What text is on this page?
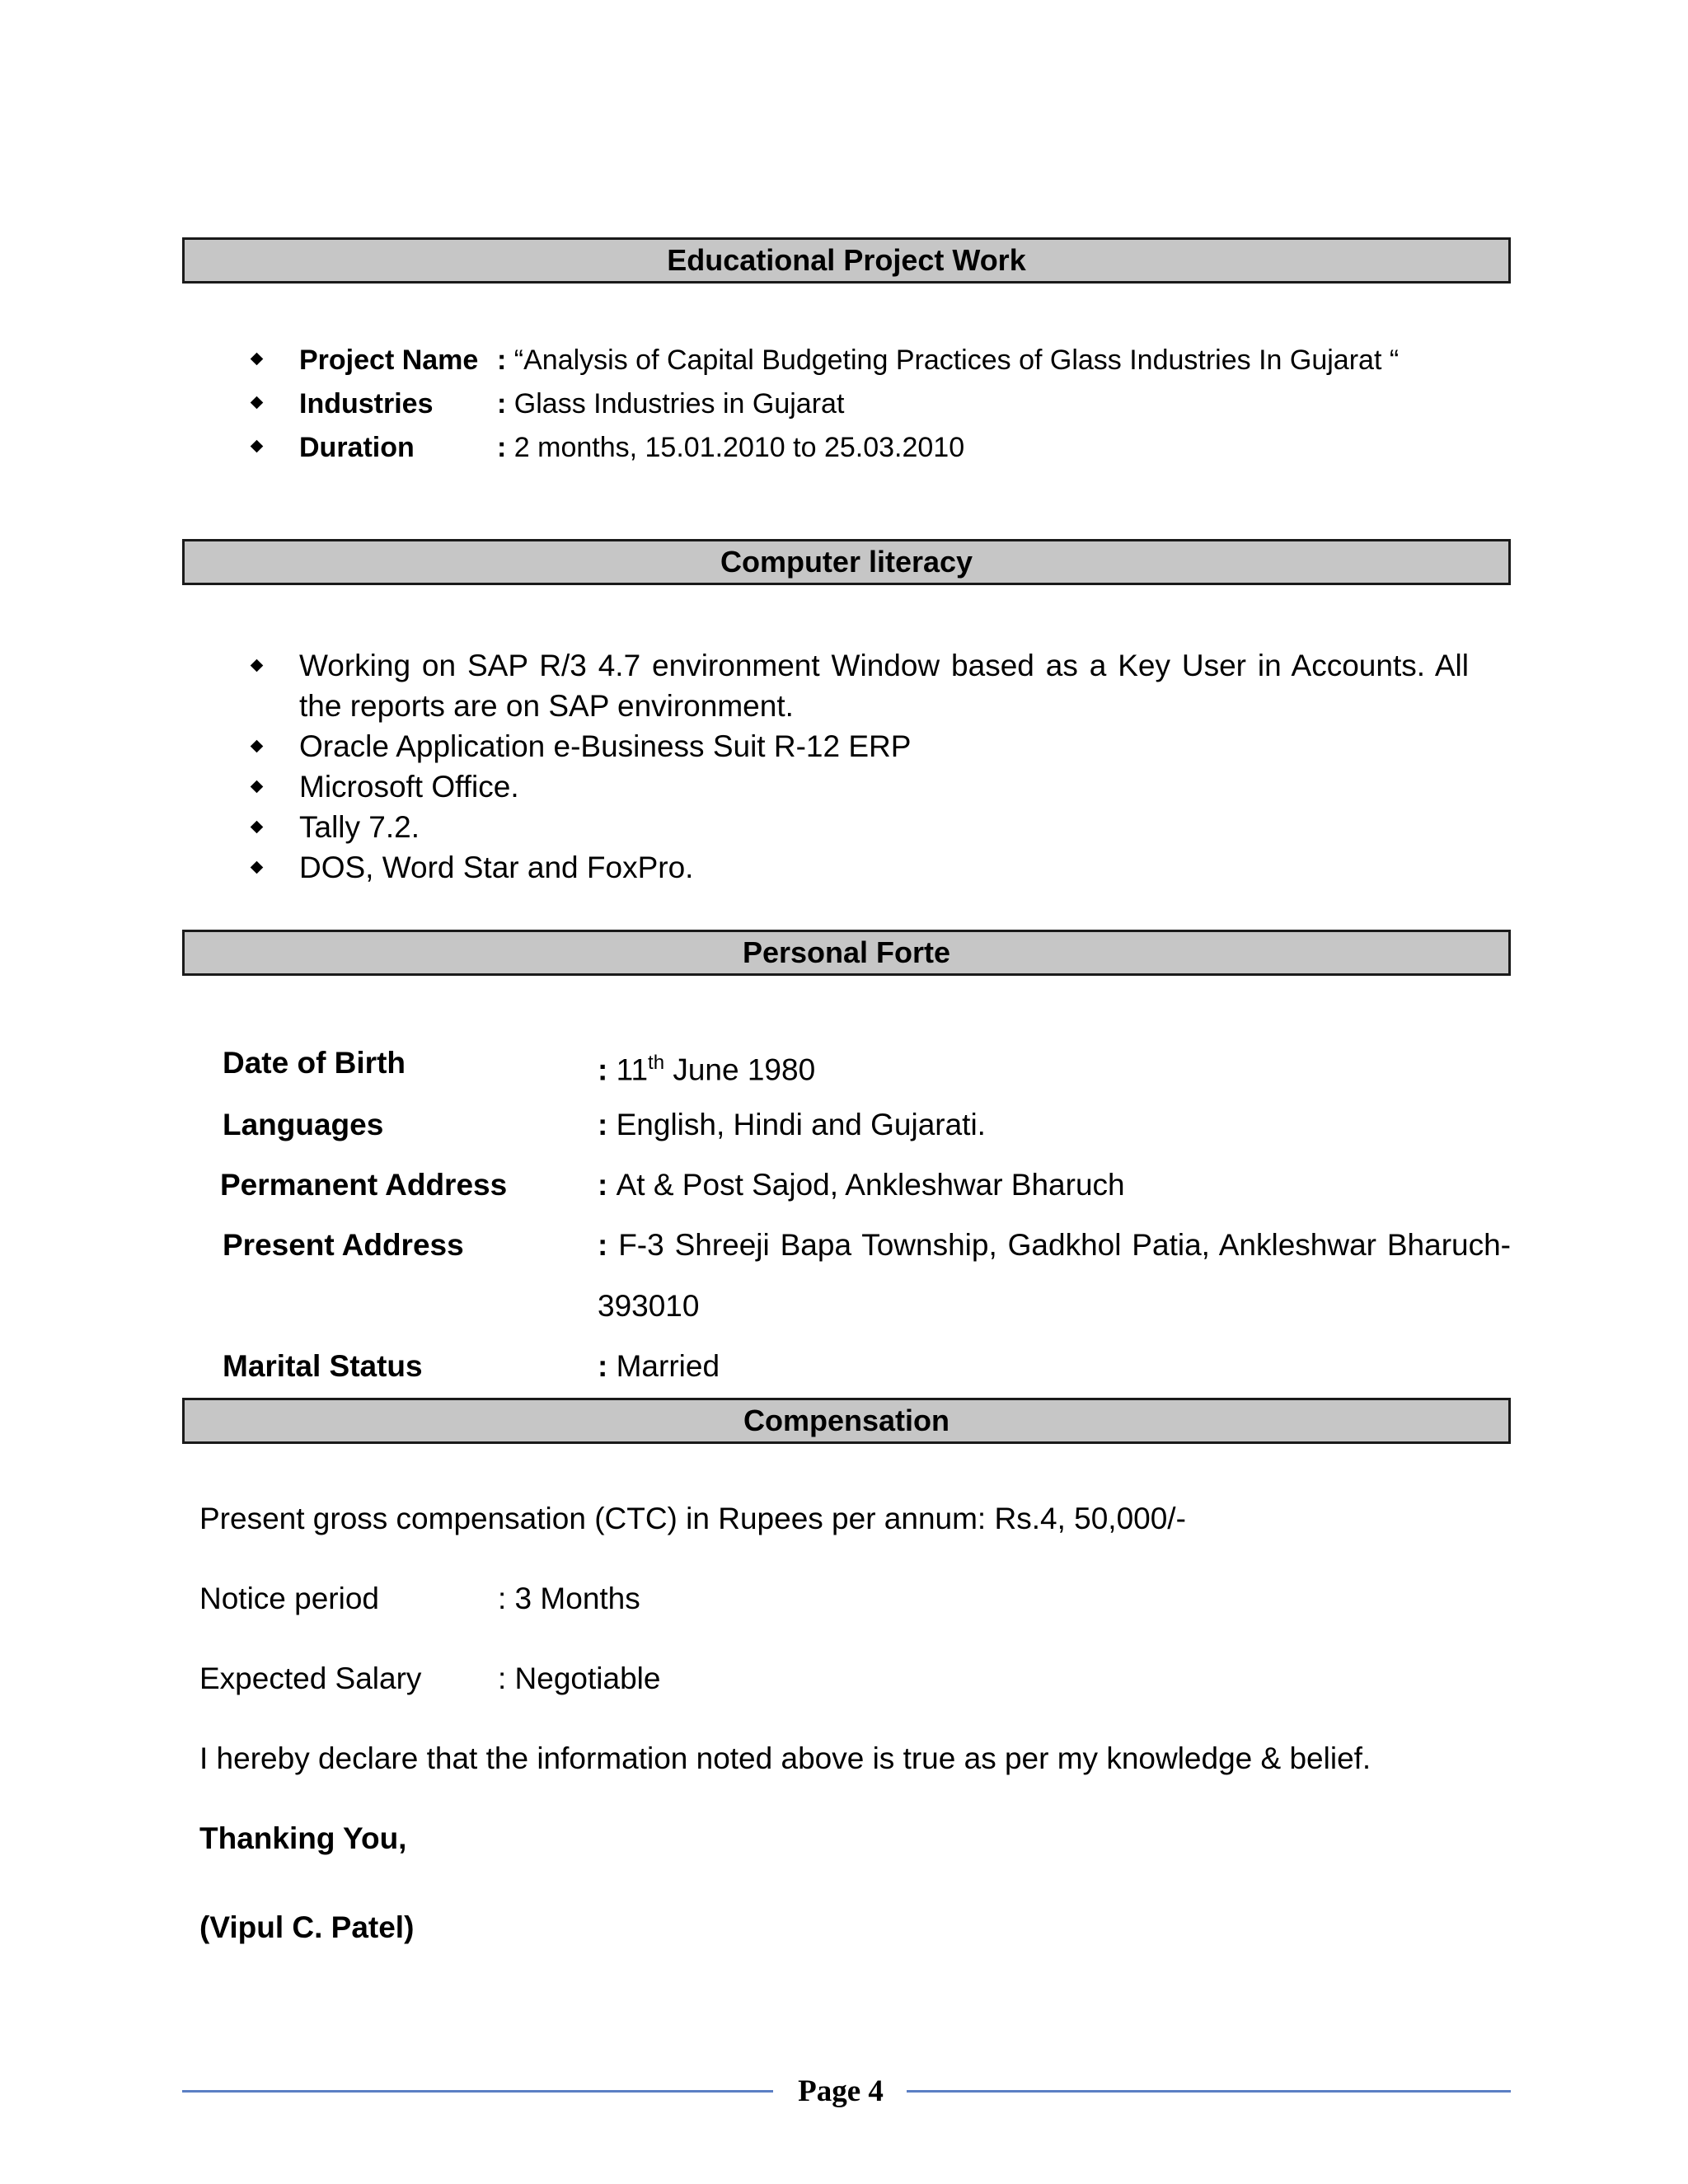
Educational Project Work
Project Name : “Analysis of Capital Budgeting Practices of Glass Industries In Gujarat “
Industries	: Glass Industries in Gujarat
Duration	: 2 months, 15.01.2010 to 25.03.2010
Computer literacy
Working on SAP R/3 4.7 environment Window based as a Key User in Accounts. All the reports are on SAP environment.
Oracle Application e-Business Suit R-12 ERP
Microsoft Office.
Tally 7.2.
DOS, Word Star and FoxPro.
Personal Forte
Date of Birth	: 11th June 1980
Languages	: English, Hindi and Gujarati.
Permanent Address	: At & Post Sajod, Ankleshwar Bharuch
Present Address	: F-3 Shreeji Bapa Township, Gadkhol Patia, Ankleshwar Bharuch-
393010
Marital Status	: Married
Compensation
Present gross compensation (CTC) in Rupees per annum: Rs.4, 50,000/-
Notice period	: 3 Months
Expected Salary	: Negotiable
I hereby declare that the information noted above is true as per my knowledge & belief.
Thanking You,
(Vipul C. Patel)
Page 4
